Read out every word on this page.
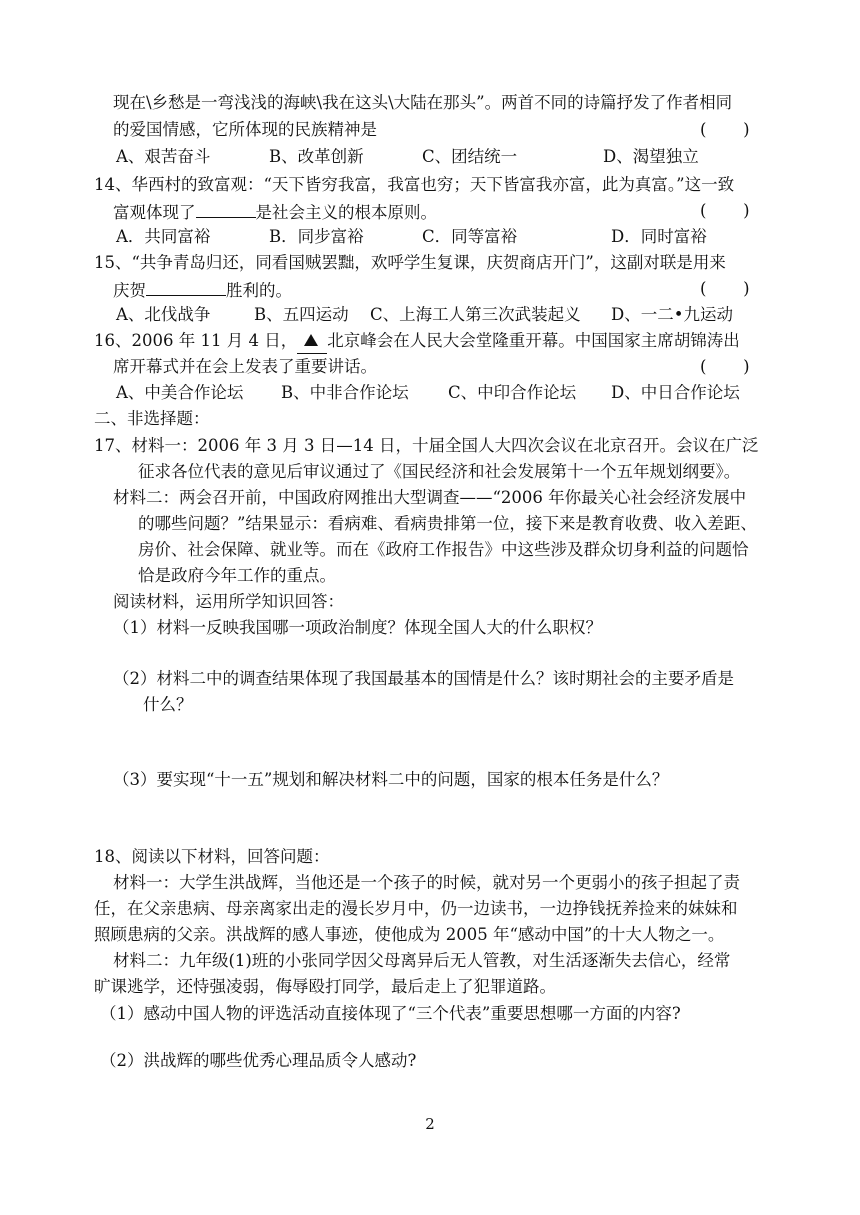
现在\乡愁是一弯浅浅的海峡\我在这头\大陆在那头”。两首不同的诗篇抒发了作者相同
的爱国情感，它所体现的民族精神是	(       )
A、艰苦奋斗	B、改革创新	C、团结统一	D、渴望独立
14、华西村的致富观：“天下皆穷我富，我富也穷；天下皆富我亦富，此为真富。”这一致
富观体现了	是社会主义的根本原则。	(       )
A．共同富裕	B．同步富裕	C．同等富裕	D．同时富裕
15、“共争青岛归还，同看国贼罢黜，欢呼学生复课，庆贺商店开门”，这副对联是用来
庆贺	胜利的。	(       )
A、北伐战争	B、五四运动 C、上海工人第三次武装起义 D、一二•九运动
16、2006 年 11 月 4 日， 北京峰会在人民大会堂隆重开幕。中国国家主席胡锦涛出
席开幕式并在会上发表了重要讲话。	(       )
A、中美合作论坛 B、中非合作论坛 C、中印合作论坛 D、中日合作论坛
二、非选择题：
17、材料一：2006 年 3 月 3 日—14 日，十届全国人大四次会议在北京召开。会议在广泛
征求各位代表的意见后审议通过了《国民经济和社会发展第十一个五年规划纲要》。
材料二：两会召开前，中国政府网推出大型调查——“2006 年你最关心社会经济发展中
的哪些问题？”结果显示：看病难、看病贵排第一位，接下来是教育收费、收入差距、
房价、社会保障、就业等。而在《政府工作报告》中这些涉及群众切身利益的问题恰
恰是政府今年工作的重点。
阅读材料，运用所学知识回答：
（1）材料一反映我国哪一项政治制度？体现全国人大的什么职权？
（2）材料二中的调查结果体现了我国最基本的国情是什么？该时期社会的主要矛盾是
什么？
（3）要实现“十一五”规划和解决材料二中的问题，国家的根本任务是什么？
18、阅读以下材料，回答问题：
材料一：大学生洪战辉，当他还是一个孩子的时候，就对另一个更弱小的孩子担起了责
任，在父亲患病、母亲离家出走的漫长岁月中，仍一边读书，一边挣钱抚养捡来的妹妹和
照顾患病的父亲。洪战辉的感人事迹，使他成为 2005 年“感动中国”的十大人物之一。
材料二：九年级(1)班的小张同学因父母离异后无人管教，对生活逐渐失去信心，经常
旷课逃学，还恃强凌弱，侮辱殴打同学，最后走上了犯罪道路。
（1）感动中国人物的评选活动直接体现了“三个代表”重要思想哪一方面的内容?
（2）洪战辉的哪些优秀心理品质令人感动?
2
